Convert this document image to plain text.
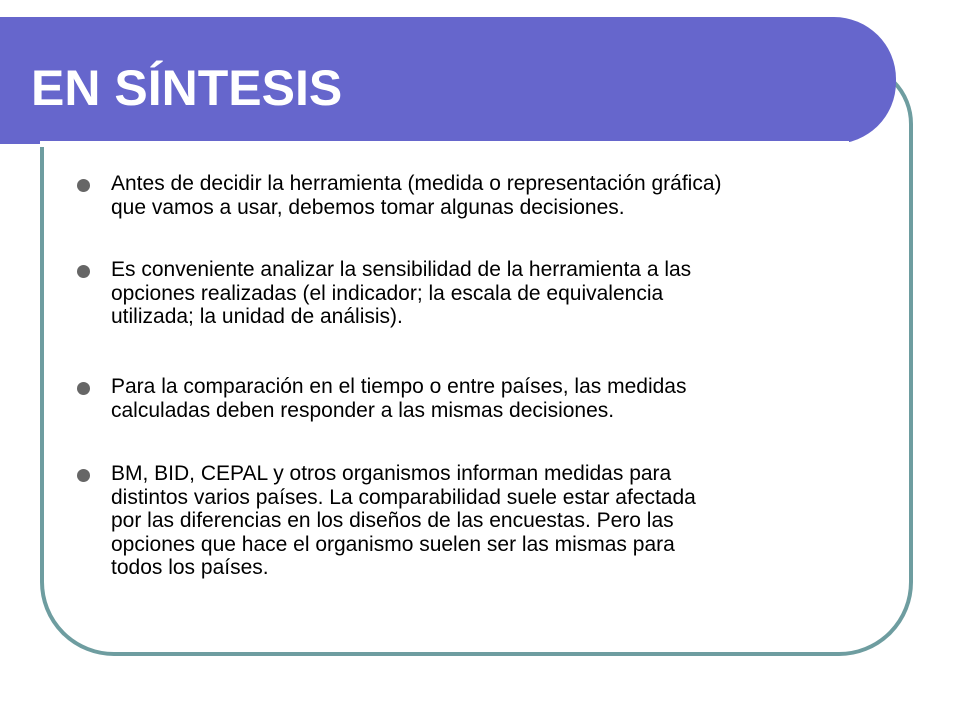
EN SÍNTESIS

Antes de decidir la herramienta (medida o representación gráfica)
que vamos a usar, debemos tomar algunas decisiones.

Es conveniente analizar la sensibilidad de la herramienta a las
opciones realizadas (el indicador; la escala de equivalencia
utilizada; la unidad de análisis).

Para la comparación en el tiempo o entre países, las medidas
calculadas deben responder a las mismas decisiones.

BM, BID, CEPAL y otros organismos informan medidas para
distintos varios países. La comparabilidad suele estar afectada
por las diferencias en los diseños de las encuestas. Pero las
opciones que hace el organismo suelen ser las mismas para
todos los países.
